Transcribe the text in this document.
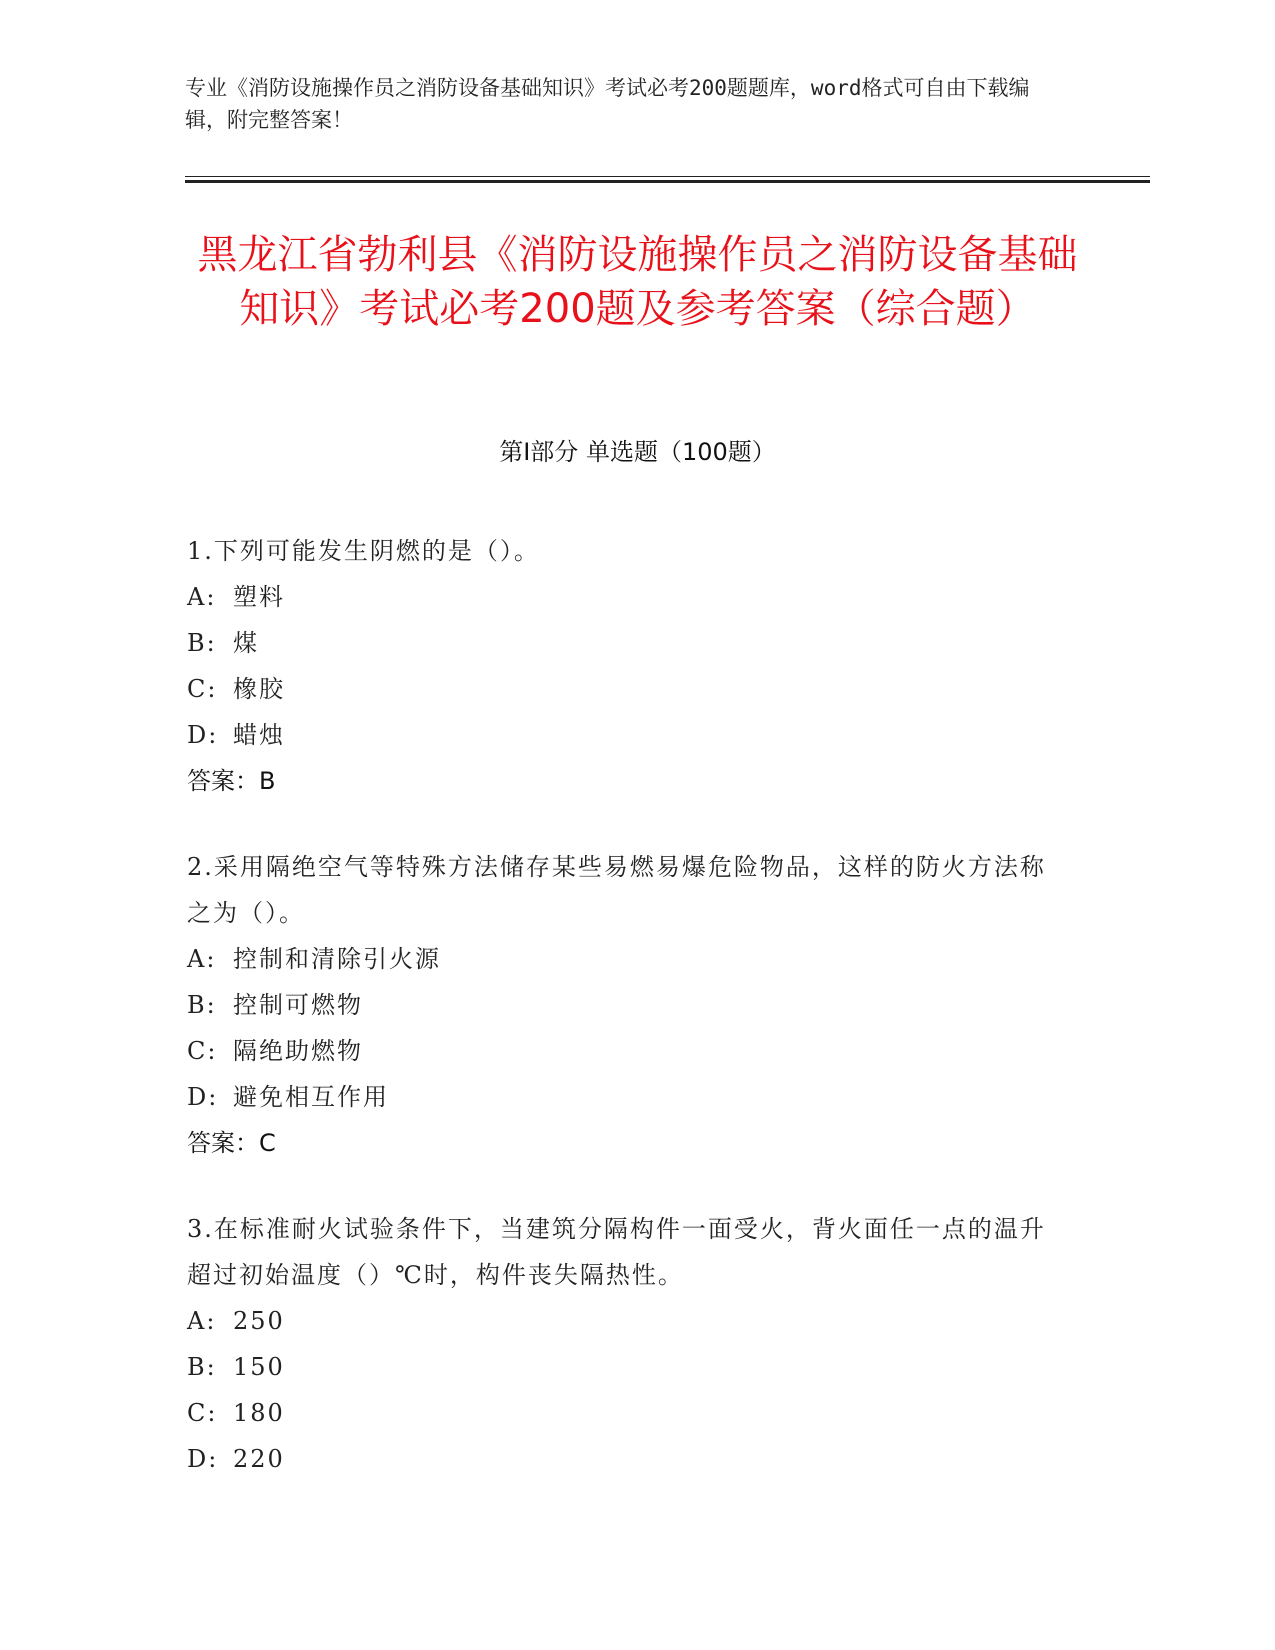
专业《消防设施操作员之消防设备基础知识》考试必考200题题库，word格式可自由下载编辑，附完整答案！
黑龙江省勃利县《消防设施操作员之消防设备基础知识》考试必考200题及参考答案（综合题）
第Ⅰ部分 单选题（100题）
1.下列可能发生阴燃的是（）。
A: 塑料
B: 煤
C: 橡胶
D: 蜡烛
答案：B
2.采用隔绝空气等特殊方法储存某些易燃易爆危险物品，这样的防火方法称之为（）。
A: 控制和清除引火源
B: 控制可燃物
C: 隔绝助燃物
D: 避免相互作用
答案：C
3.在标准耐火试验条件下，当建筑分隔构件一面受火，背火面任一点的温升超过初始温度（）℃时，构件丧失隔热性。
A: 250
B: 150
C: 180
D: 220
